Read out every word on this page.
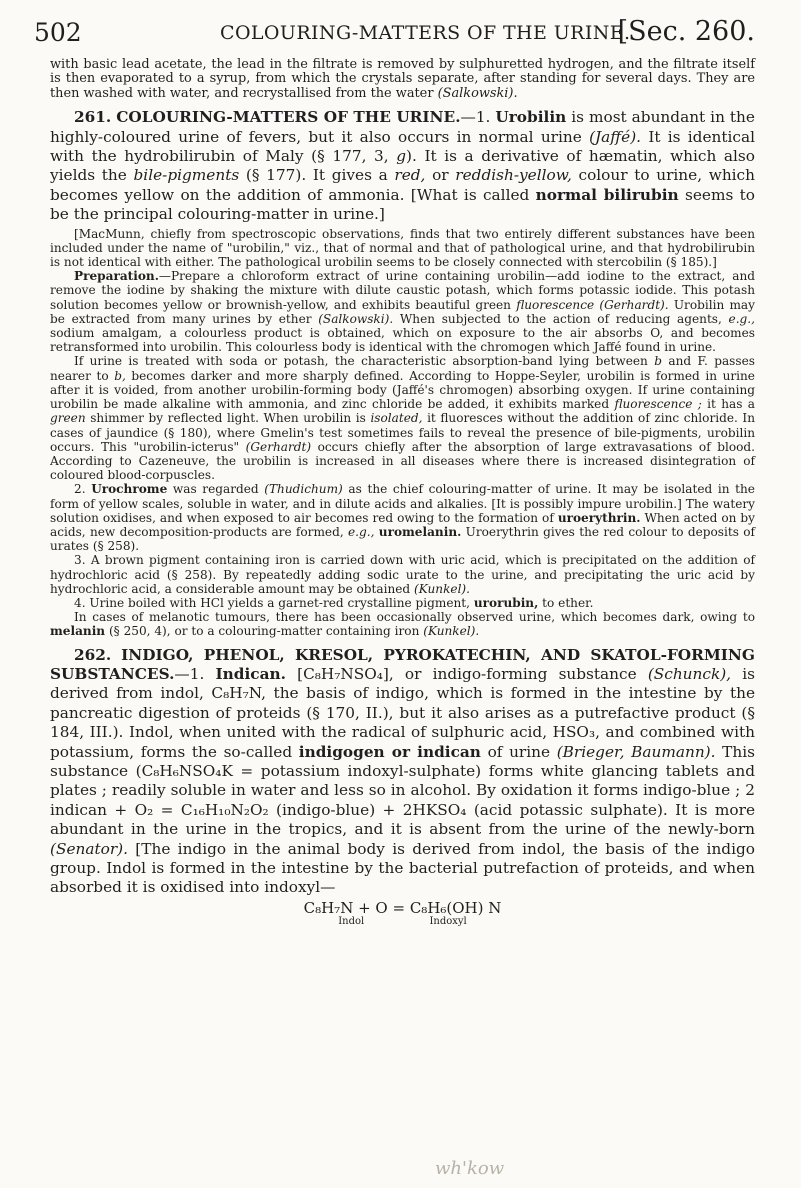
502	COLOURING-MATTERS OF THE URINE.
[Sec. 260.

with basic lead acetate, the lead in the filtrate is removed by sulphuretted hydrogen, and the filtrate itself is then evaporated to a syrup, from which the crystals separate, after standing for several days. They are then washed with water, and recrystallised from the water (Salkowski).

261. COLOURING-MATTERS OF THE URINE.—1. Urobilin is most abundant in the highly-coloured urine of fevers, but it also occurs in normal urine (Jaffé). It is identical with the hydrobilirubin of Maly (§ 177, 3, g). It is a derivative of hæmatin, which also yields the bile-pigments (§ 177). It gives a red, or reddish-yellow, colour to urine, which becomes yellow on the addition of ammonia. [What is called normal bilirubin seems to be the principal colouring-matter in urine.]

[MacMunn, chiefly from spectroscopic observations, finds that two entirely different substances have been included under the name of "urobilin," viz., that of normal and that of pathological urine, and that hydrobilirubin is not identical with either. The pathological urobilin seems to be closely connected with stercobilin (§ 185).]

Preparation.—Prepare a chloroform extract of urine containing urobilin—add iodine to the extract, and remove the iodine by shaking the mixture with dilute caustic potash, which forms potassic iodide. This potash solution becomes yellow or brownish-yellow, and exhibits beautiful green fluorescence (Gerhardt). Urobilin may be extracted from many urines by ether (Salkowski). When subjected to the action of reducing agents, e.g., sodium amalgam, a colourless product is obtained, which on exposure to the air absorbs O, and becomes retransformed into urobilin. This colourless body is identical with the chromogen which Jaffé found in urine.

If urine is treated with soda or potash, the characteristic absorption-band lying between b and F. passes nearer to b, becomes darker and more sharply defined. According to Hoppe-Seyler, urobilin is formed in urine after it is voided, from another urobilin-forming body (Jaffé's chromogen) absorbing oxygen. If urine containing urobilin be made alkaline with ammonia, and zinc chloride be added, it exhibits marked fluorescence ; it has a green shimmer by reflected light. When urobilin is isolated, it fluoresces without the addition of zinc chloride. In cases of jaundice (§ 180), where Gmelin's test sometimes fails to reveal the presence of bile-pigments, urobilin occurs. This "urobilin-icterus" (Gerhardt) occurs chiefly after the absorption of large extravasations of blood. According to Cazeneuve, the urobilin is increased in all diseases where there is increased disintegration of coloured blood-corpuscles.

2. Urochrome was regarded (Thudichum) as the chief colouring-matter of urine. It may be isolated in the form of yellow scales, soluble in water, and in dilute acids and alkalies. [It is possibly impure urobilin.] The watery solution oxidises, and when exposed to air becomes red owing to the formation of uroerythrin. When acted on by acids, new decomposition-products are formed, e.g., uromelanin. Uroerythrin gives the red colour to deposits of urates (§ 258).

3. A brown pigment containing iron is carried down with uric acid, which is precipitated on the addition of hydrochloric acid (§ 258). By repeatedly adding sodic urate to the urine, and precipitating the uric acid by hydrochloric acid, a considerable amount may be obtained (Kunkel).

4. Urine boiled with HCl yields a garnet-red crystalline pigment, urorubin, to ether.

In cases of melanotic tumours, there has been occasionally observed urine, which becomes dark, owing to melanin (§ 250, 4), or to a colouring-matter containing iron (Kunkel).

262. INDIGO, PHENOL, KRESOL, PYROKATECHIN, AND SKATOL-FORMING SUBSTANCES.—1. Indican. [C₈H₇NSO₄], or indigo-forming substance (Schunck), is derived from indol, C₈H₇N, the basis of indigo, which is formed in the intestine by the pancreatic digestion of proteids (§ 170, II.), but it also arises as a putrefactive product (§ 184, III.). Indol, when united with the radical of sulphuric acid, HSO₃, and combined with potassium, forms the so-called indigogen or indican of urine (Brieger, Baumann). This substance (C₈H₆NSO₄K = potassium indoxyl-sulphate) forms white glancing tablets and plates ; readily soluble in water and less so in alcohol. By oxidation it forms indigo-blue ; 2 indican + O₂ = C₁₆H₁₀N₂O₂ (indigo-blue) + 2HKSO₄ (acid potassic sulphate). It is more abundant in the urine in the tropics, and it is absent from the urine of the newly-born (Senator). [The indigo in the animal body is derived from indol, the basis of the indigo group. Indol is formed in the intestine by the bacterial putrefaction of proteids, and when absorbed it is oxidised into indoxyl—

C₈H₇N + O = C₈H₆(OH) N
Indol	Indoxyl
wh'kow
